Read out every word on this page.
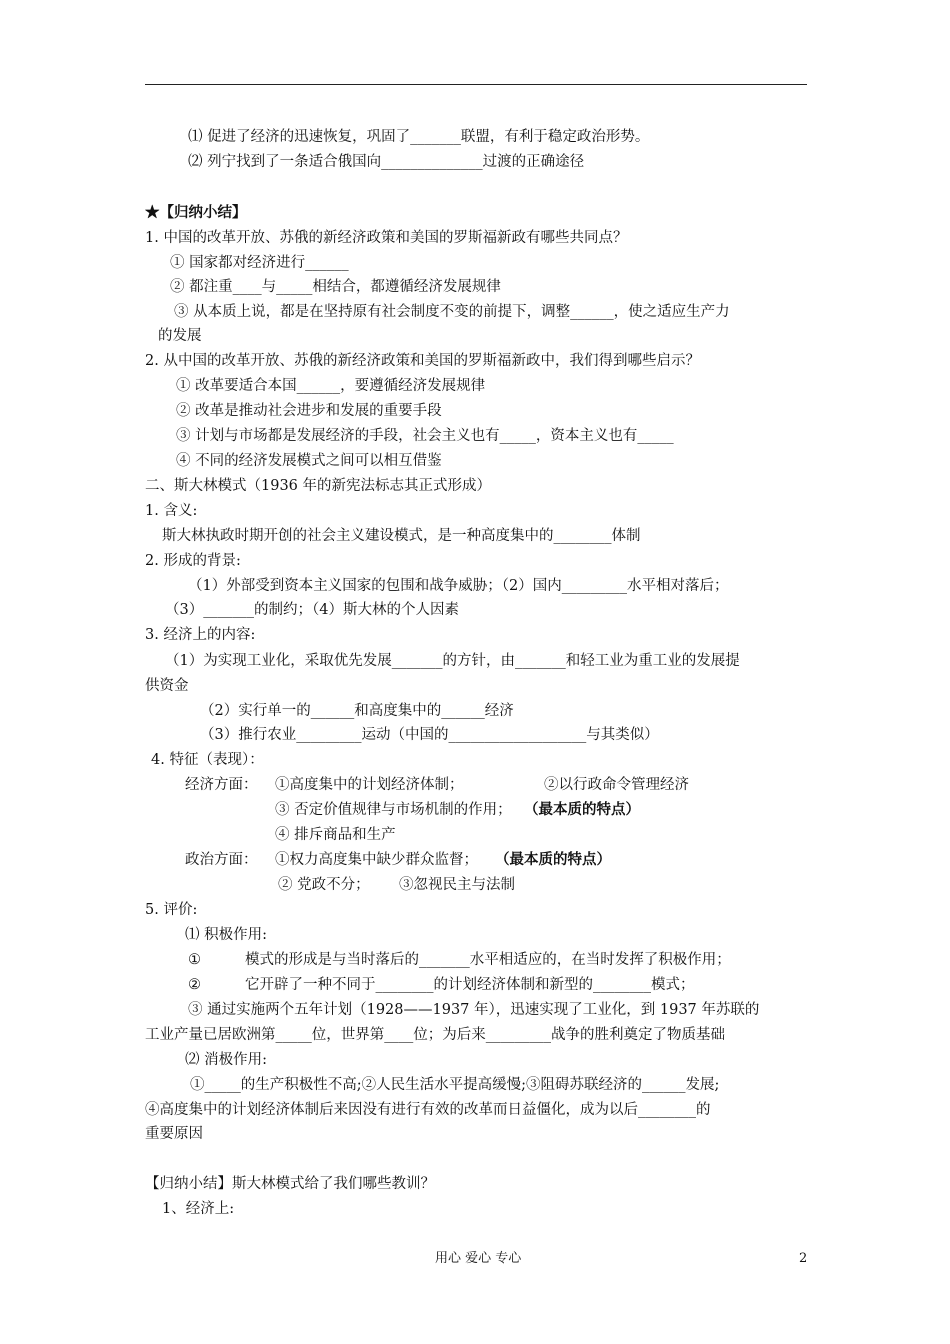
⑴ 促进了经济的迅速恢复，巩固了_______联盟，有利于稳定政治形势。
⑵ 列宁找到了一条适合俄国向______________过渡的正确途径
★【归纳小结】
1. 中国的改革开放、苏俄的新经济政策和美国的罗斯福新政有哪些共同点？
① 国家都对经济进行______
② 都注重____与_____相结合，都遵循经济发展规律
③ 从本质上说，都是在坚持原有社会制度不变的前提下，调整______，使之适应生产力
的发展
2. 从中国的改革开放、苏俄的新经济政策和美国的罗斯福新政中，我们得到哪些启示？
① 改革要适合本国______，要遵循经济发展规律
② 改革是推动社会进步和发展的重要手段
③ 计划与市场都是发展经济的手段，社会主义也有_____，资本主义也有_____
④ 不同的经济发展模式之间可以相互借鉴
二、斯大林模式（1936 年的新宪法标志其正式形成）
1. 含义:
斯大林执政时期开创的社会主义建设模式，是一种高度集中的________体制
2. 形成的背景:
（1）外部受到资本主义国家的包围和战争威胁；（2）国内_________水平相对落后；
（3）_______的制约；（4）斯大林的个人因素
3. 经济上的内容:
（1）为实现工业化，采取优先发展_______的方针，由_______和轻工业为重工业的发展提
供资金
（2）实行单一的______和高度集中的______经济
（3）推行农业_________运动（中国的___________________与其类似）
4. 特征（表现）：
经济方面： ①高度集中的计划经济体制；	②以行政命令管理经济
③ 否定价值规律与市场机制的作用； （最本质的特点）
④ 排斥商品和生产
政治方面： ①权力高度集中缺少群众监督； （最本质的特点）
② 党政不分； ③忽视民主与法制
5. 评价:
⑴ 积极作用:
①	模式的形成是与当时落后的_______水平相适应的，在当时发挥了积极作用；
②	它开辟了一种不同于________的计划经济体制和新型的________模式；
③ 通过实施两个五年计划（1928——1937 年），迅速实现了工业化，到 1937 年苏联的
工业产量已居欧洲第_____位，世界第____位；为后来_________战争的胜利奠定了物质基础
⑵ 消极作用:
①_____的生产积极性不高;②人民生活水平提高缓慢;③阻碍苏联经济的______发展;
④高度集中的计划经济体制后来因没有进行有效的改革而日益僵化，成为以后________的
重要原因
【归纳小结】斯大林模式给了我们哪些教训？
1、经济上:
用心 爱心 专心	2
